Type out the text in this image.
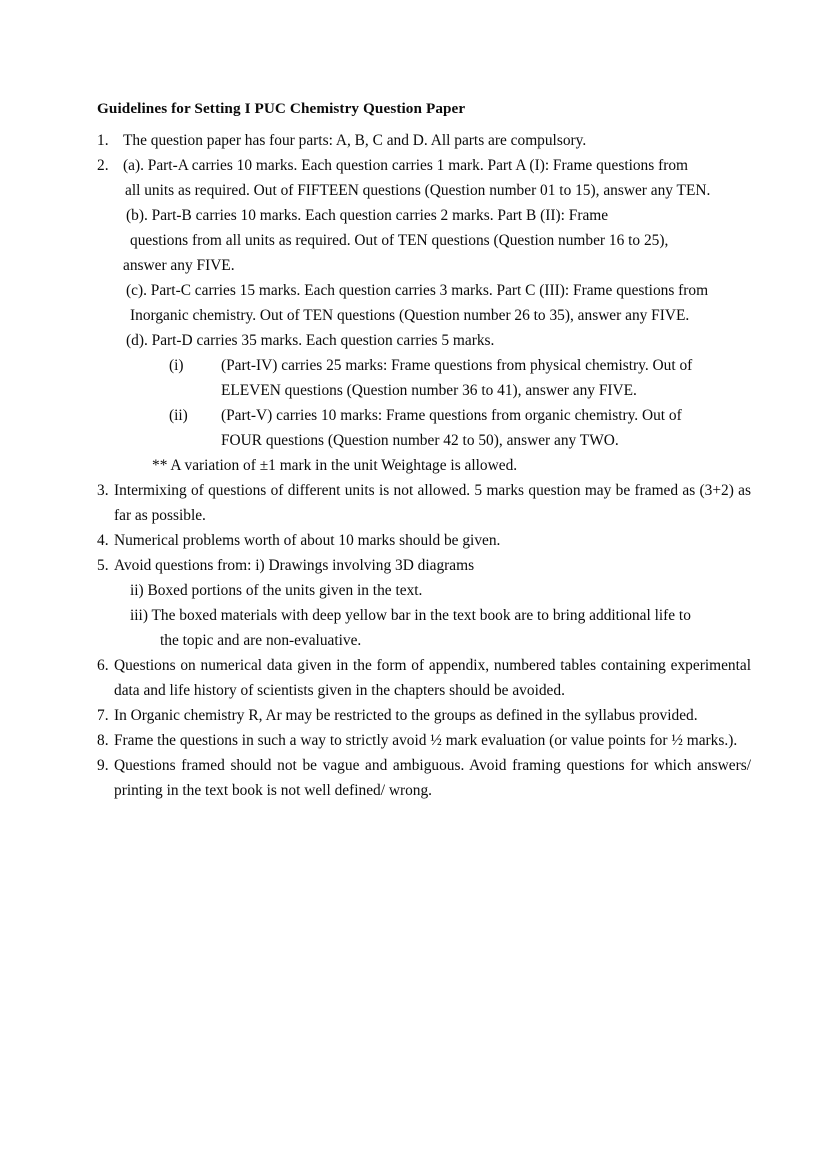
Guidelines for Setting I PUC Chemistry Question Paper
1. The question paper has four parts: A, B, C and D. All parts are compulsory.
2. (a). Part-A carries 10 marks. Each question carries 1 mark. Part A (I): Frame questions from
all units as required. Out of FIFTEEN questions (Question number 01 to 15), answer any TEN.
(b). Part-B carries 10 marks. Each question carries 2 marks. Part B (II): Frame
questions from all units as required. Out of TEN questions (Question number 16 to 25),
answer any FIVE.
(c). Part-C carries 15 marks. Each question carries 3 marks. Part C (III): Frame questions from
Inorganic chemistry. Out of TEN questions (Question number 26 to 35), answer any FIVE.
(d). Part-D carries 35 marks. Each question carries 5 marks.
(i) (Part-IV) carries 25 marks: Frame questions from physical chemistry. Out of
ELEVEN questions (Question number 36 to 41), answer any FIVE.
(ii) (Part-V) carries 10 marks: Frame questions from organic chemistry. Out of
FOUR questions (Question number 42 to 50), answer any TWO.
** A variation of ±1 mark in the unit Weightage is allowed.
3. Intermixing of questions of different units is not allowed. 5 marks question may be framed as (3+2) as far as possible.
4. Numerical problems worth of about 10 marks should be given.
5. Avoid questions from: i) Drawings involving 3D diagrams
ii) Boxed portions of the units given in the text.
iii) The boxed materials with deep yellow bar in the text book are to bring additional life to
the topic and are non-evaluative.
6. Questions on numerical data given in the form of appendix, numbered tables containing experimental data and life history of scientists given in the chapters should be avoided.
7. In Organic chemistry R, Ar may be restricted to the groups as defined in the syllabus provided.
8. Frame the questions in such a way to strictly avoid ½ mark evaluation (or value points for ½ marks.).
9. Questions framed should not be vague and ambiguous. Avoid framing questions for which answers/ printing in the text book is not well defined/ wrong.
